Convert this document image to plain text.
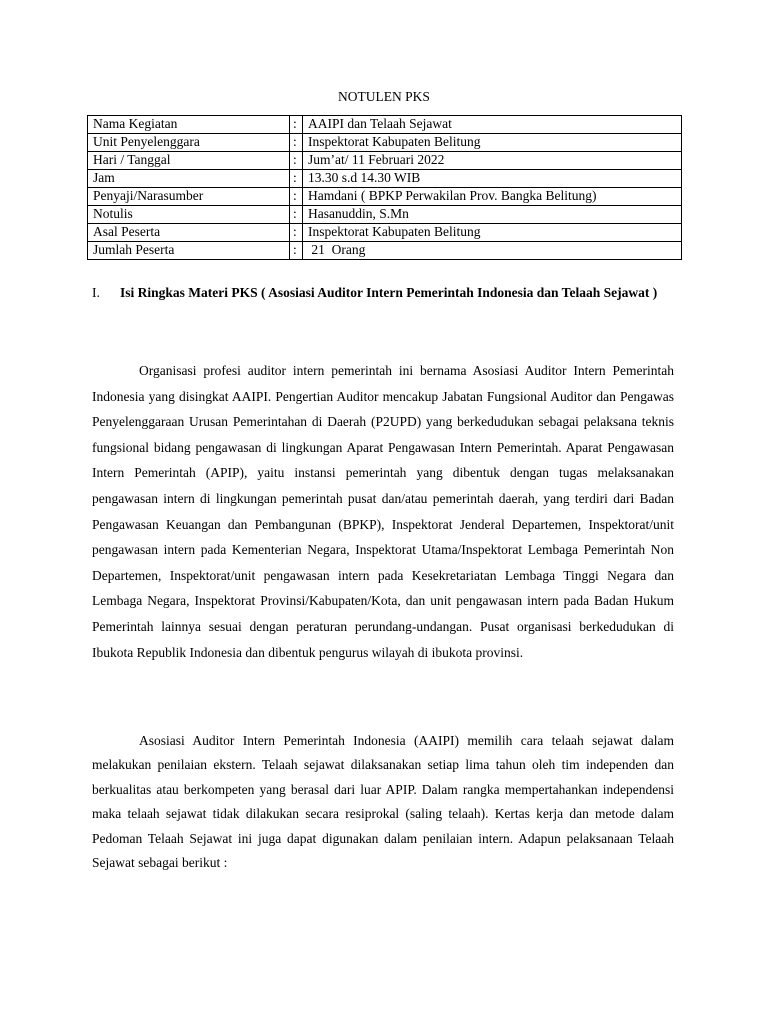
NOTULEN PKS
Nama Kegiatan	:	AAIPI dan Telaah Sejawat
Unit Penyelenggara	:	Inspektorat Kabupaten Belitung
Hari / Tanggal	:	Jum’at/ 11 Februari 2022
Jam	:	13.30 s.d 14.30 WIB
Penyaji/Narasumber	:	Hamdani ( BPKP Perwakilan Prov. Bangka Belitung)
Notulis	:	Hasanuddin, S.Mn
Asal Peserta	:	Inspektorat Kabupaten Belitung
Jumlah Peserta	:	21  Orang
I.	Isi Ringkas Materi PKS ( Asosiasi Auditor Intern Pemerintah Indonesia dan Telaah Sejawat )

Organisasi profesi auditor intern pemerintah ini bernama Asosiasi Auditor Intern Pemerintah Indonesia yang disingkat AAIPI. Pengertian Auditor mencakup Jabatan Fungsional Auditor dan Pengawas Penyelenggaraan Urusan Pemerintahan di Daerah (P2UPD) yang berkedudukan sebagai pelaksana teknis fungsional bidang pengawasan di lingkungan Aparat Pengawasan Intern Pemerintah. Aparat Pengawasan Intern Pemerintah (APIP), yaitu instansi pemerintah yang dibentuk dengan tugas melaksanakan pengawasan intern di lingkungan pemerintah pusat dan/atau pemerintah daerah, yang terdiri dari Badan Pengawasan Keuangan dan Pembangunan (BPKP), Inspektorat Jenderal Departemen, Inspektorat/unit pengawasan intern pada Kementerian Negara, Inspektorat Utama/Inspektorat Lembaga Pemerintah Non Departemen, Inspektorat/unit pengawasan intern pada Kesekretariatan Lembaga Tinggi Negara dan Lembaga Negara, Inspektorat Provinsi/Kabupaten/Kota, dan unit pengawasan intern pada Badan Hukum Pemerintah lainnya sesuai dengan peraturan perundang-undangan. Pusat organisasi berkedudukan di Ibukota Republik Indonesia dan dibentuk pengurus wilayah di ibukota provinsi.

Asosiasi Auditor Intern Pemerintah Indonesia (AAIPI) memilih cara telaah sejawat dalam melakukan penilaian ekstern. Telaah sejawat dilaksanakan setiap lima tahun oleh tim independen dan berkualitas atau berkompeten yang berasal dari luar APIP. Dalam rangka mempertahankan independensi maka telaah sejawat tidak dilakukan secara resiprokal (saling telaah). Kertas kerja dan metode dalam Pedoman Telaah Sejawat ini juga dapat digunakan dalam penilaian intern. Adapun pelaksanaan Telaah Sejawat sebagai berikut :
